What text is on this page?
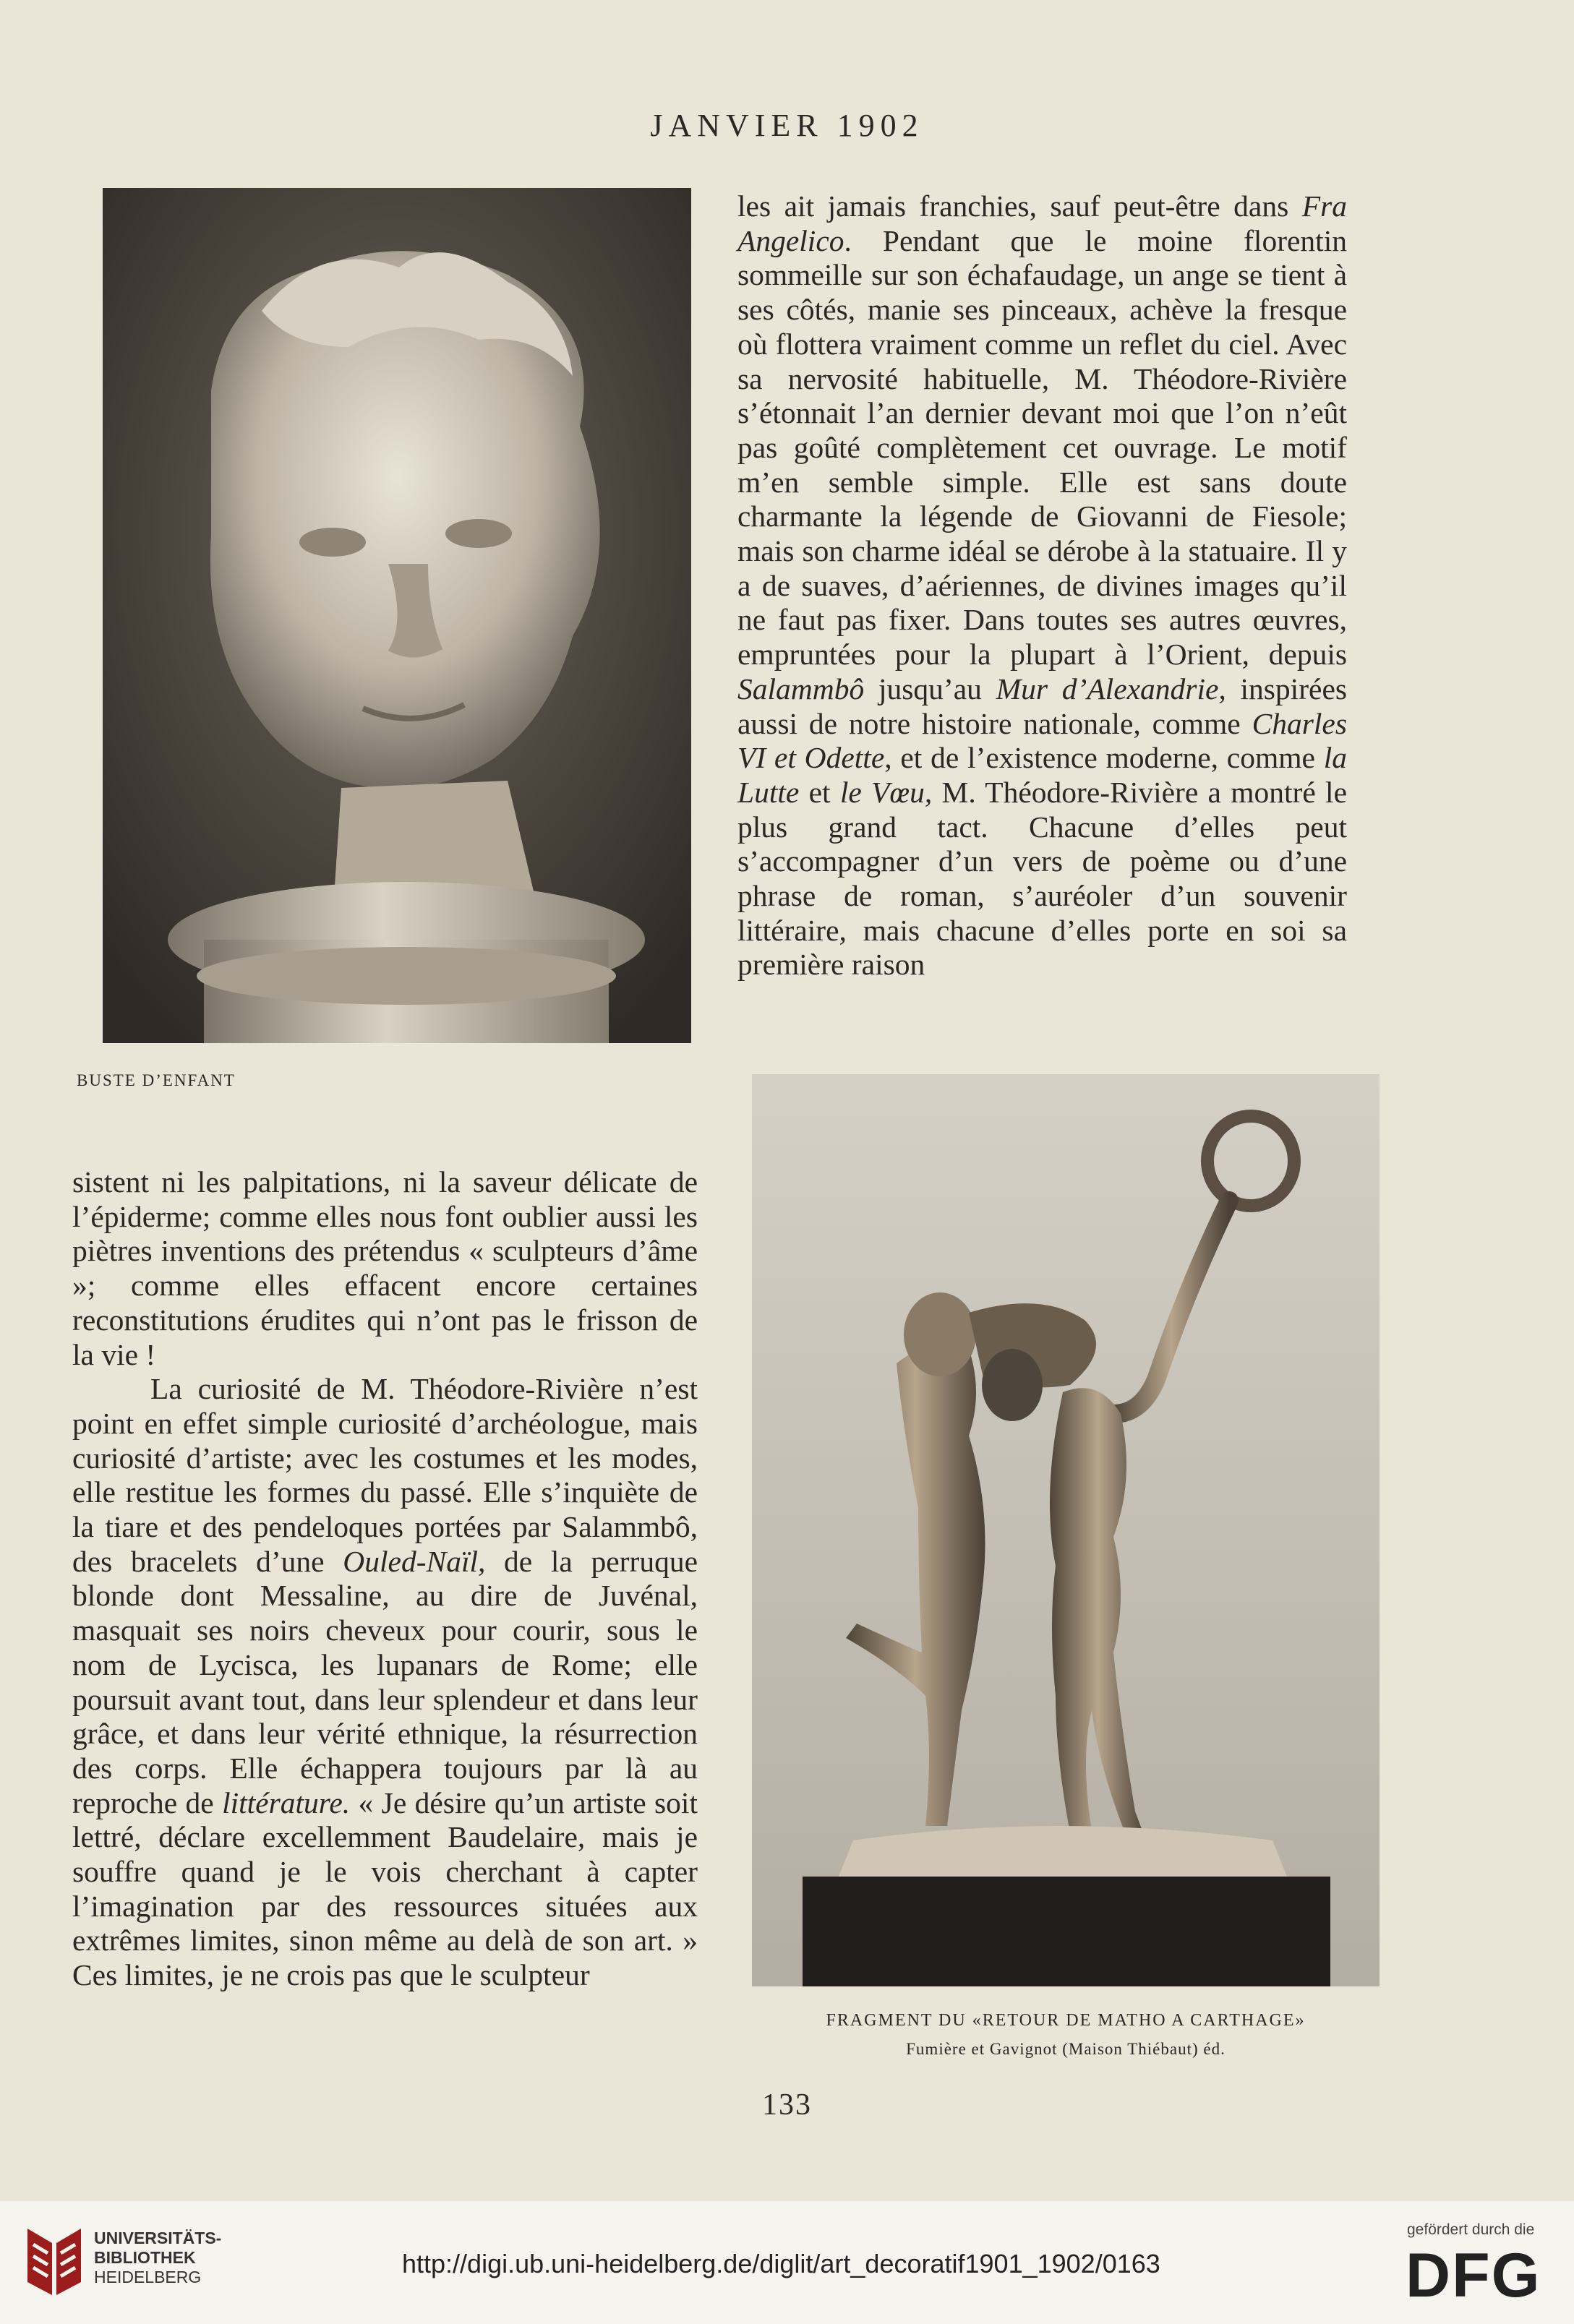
JANVIER 1902
BUSTE D’ENFANT

les ait jamais franchies, sauf peut-être dans Fra Angelico. Pendant que le moine florentin sommeille sur son échafaudage, un ange se tient à ses côtés, manie ses pinceaux, achève la fresque où flottera vraiment comme un reflet du ciel. Avec sa nervosité habituelle, M. Théodore-Rivière s’étonnait l’an dernier devant moi que l’on n’eût pas goûté complètement cet ouvrage. Le motif m’en semble simple. Elle est sans doute charmante la légende de Giovanni de Fiesole; mais son charme idéal se dérobe à la statuaire. Il y a de suaves, d’aériennes, de divines images qu’il ne faut pas fixer. Dans toutes ses autres œuvres, empruntées pour la plupart à l’Orient, depuis Salammbô jusqu’au Mur d’Alexandrie, inspirées aussi de notre histoire nationale, comme Charles VI et Odette, et de l’existence moderne, comme la Lutte et le Vœu, M. Théodore-Rivière a montré le plus grand tact. Chacune d’elles peut s’accompagner d’un vers de poème ou d’une phrase de roman, s’auréoler d’un souvenir littéraire, mais chacune d’elles porte en soi sa première raison

sistent ni les palpitations, ni la saveur délicate de l’épiderme; comme elles nous font oublier aussi les piètres inventions des prétendus « sculpteurs d’âme »; comme elles effacent encore certaines reconstitutions érudites qui n’ont pas le frisson de la vie !

La curiosité de M. Théodore-Rivière n’est point en effet simple curiosité d’archéologue, mais curiosité d’artiste; avec les costumes et les modes, elle restitue les formes du passé. Elle s’inquiète de la tiare et des pendeloques portées par Salammbô, des bracelets d’une Ouled-Naïl, de la perruque blonde dont Messaline, au dire de Juvénal, masquait ses noirs cheveux pour courir, sous le nom de Lycisca, les lupanars de Rome; elle poursuit avant tout, dans leur splendeur et dans leur grâce, et dans leur vérité ethnique, la résurrection des corps. Elle échappera toujours par là au reproche de littérature. « Je désire qu’un artiste soit lettré, déclare excellemment Baudelaire, mais je souffre quand je le vois cherchant à capter l’imagination par des ressources situées aux extrêmes limites, sinon même au delà de son art. » Ces limites, je ne crois pas que le sculpteur

FRAGMENT DU «RETOUR DE MATHO A CARTHAGE»
Fumière et Gavignot (Maison Thiébaut) éd.
133
UNIVERSITÄTS-
BIBLIOTHEK
HEIDELBERG	http://digi.ub.uni-heidelberg.de/diglit/art_decoratif1901_1902/0163
gefördert durch die
DFG
